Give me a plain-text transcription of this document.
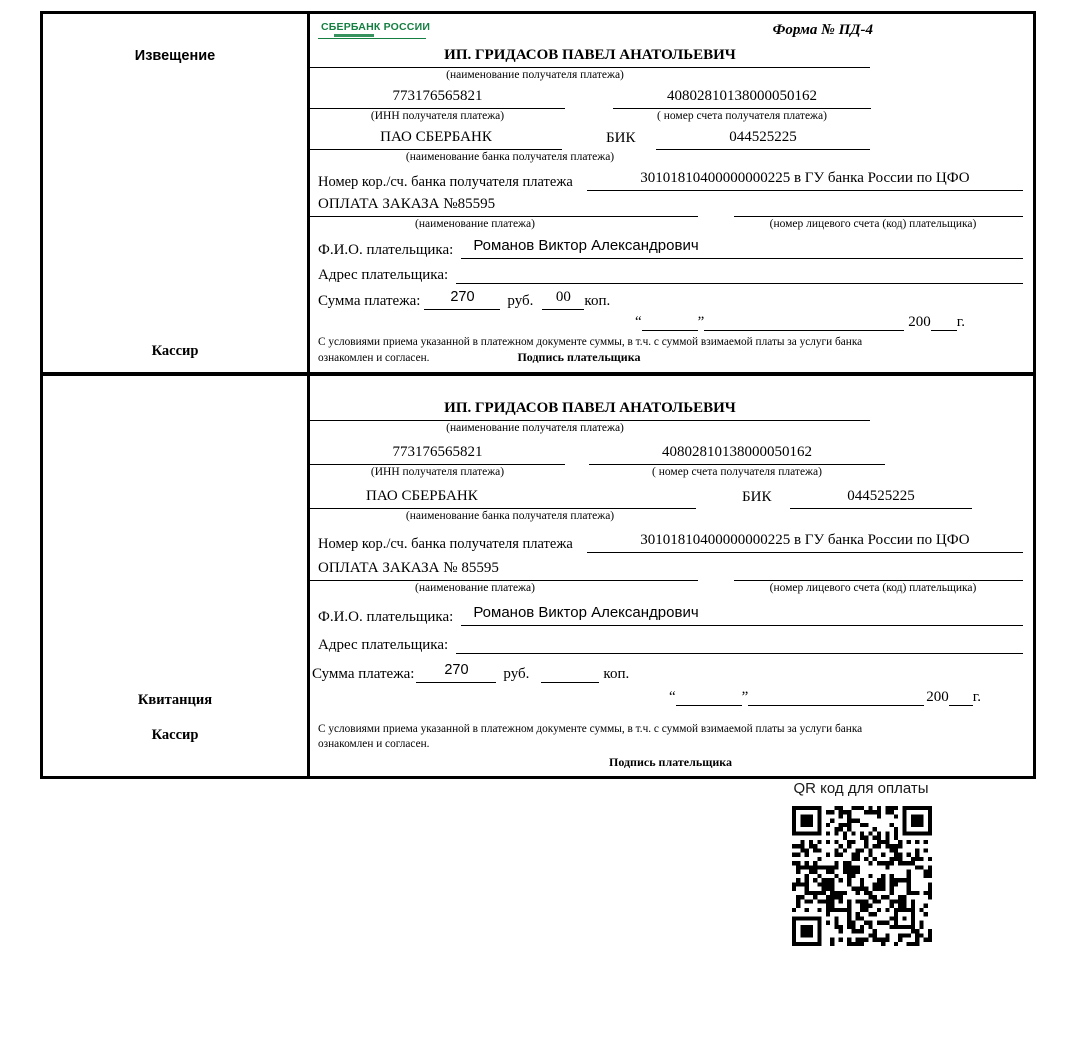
Извещение
Кассир
СБЕРБАНК РОССИИ	Форма № ПД-4
ИП. ГРИДАСОВ ПАВЕЛ АНАТОЛЬЕВИЧ
(наименование получателя платежа)
773176565821	40802810138000050162
(ИНН получателя платежа)	( номер счета получателя платежа)
ПАО СБЕРБАНК	БИК	044525225
(наименование банка получателя платежа)
Номер кор./сч. банка получателя платежа	30101810400000000225 в ГУ банка России по ЦФО
ОПЛАТА ЗАКАЗА №85595
(наименование платежа)	(номер лицевого счета (код) плательщика)
Ф.И.О. плательщика:	Романов Виктор Александрович
Адрес плательщика:
Сумма платежа:	270	руб.	00 коп.
“	”	200 г.
С условиями приема указанной в платежном документе суммы, в т.ч. с суммой взимаемой платы за услуги банка
ознакомлен и согласен.	Подпись плательщика
Квитанция
Кассир
ИП. ГРИДАСОВ ПАВЕЛ АНАТОЛЬЕВИЧ
(наименование получателя платежа)
773176565821	40802810138000050162
(ИНН получателя платежа)	( номер счета получателя платежа)
ПАО СБЕРБАНК	БИК	044525225
(наименование банка получателя платежа)
Номер кор./сч. банка получателя платежа	30101810400000000225 в ГУ банка России по ЦФО
ОПЛАТА ЗАКАЗА № 85595
(наименование платежа)	(номер лицевого счета (код) плательщика)
Ф.И.О. плательщика:	Романов Виктор Александрович
Адрес плательщика:
Сумма платежа:	270	руб.	коп.
“	”	200 г.
С условиями приема указанной в платежном документе суммы, в т.ч. с суммой взимаемой платы за услуги банка
ознакомлен и согласен.
Подпись плательщика
QR код для оплаты
